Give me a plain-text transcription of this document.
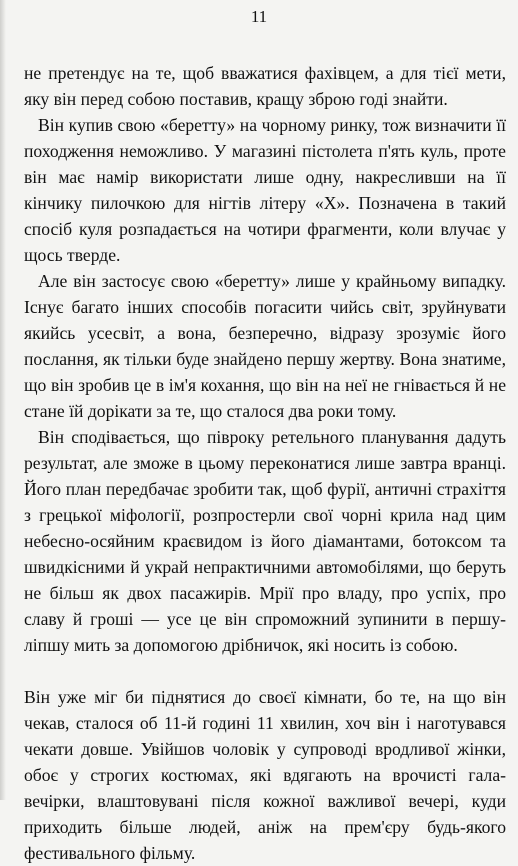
11

не претендує на те, щоб вважатися фахівцем, а для тієї мети, яку він перед собою поставив, кращу зброю годі знайти.

Він купив свою «беретту» на чорному ринку, тож визначити її походження неможливо. У магазині пістолета п'ять куль, проте він має намір використати лише одну, накресливши на її кінчику пилочкою для нігтів літеру «Х». Позначена в такий спосіб куля розпадається на чотири фрагменти, коли влучає у щось тверде.

Але він застосує свою «беретту» лише у крайньому випадку. Існує багато інших способів погасити чийсь світ, зруйнувати якийсь усесвіт, а вона, безперечно, відразу зрозуміє його послання, як тільки буде знайдено першу жертву. Вона знатиме, що він зробив це в ім'я кохання, що він на неї не гнівається й не стане їй дорікати за те, що сталося два роки тому.

Він сподівається, що півроку ретельного планування дадуть результат, але зможе в цьому переконатися лише завтра вранці. Його план передбачає зробити так, щоб фурії, античні страхіття з грецької міфології, розпростерли свої чорні крила над цим небесно-осяйним краєвидом із його діамантами, ботоксом та швидкісними й украй непрактичними автомобілями, що беруть не більш як двох пасажирів. Мрії про владу, про успіх, про славу й гроші — усе це він спроможний зупинити в першу-ліпшу мить за допомогою дрібничок, які носить із собою.

Він уже міг би піднятися до своєї кімнати, бо те, на що він чекав, сталося об 11-й годині 11 хвилин, хоч він і наготувався чекати довше. Увійшов чоловік у супроводі вродливої жінки, обоє у строгих костюмах, які вдягають на врочисті гала-вечірки, влаштовувані після кожної важливої вечері, куди приходить більше людей, аніж на прем'єру будь-якого фестивального фільму.
